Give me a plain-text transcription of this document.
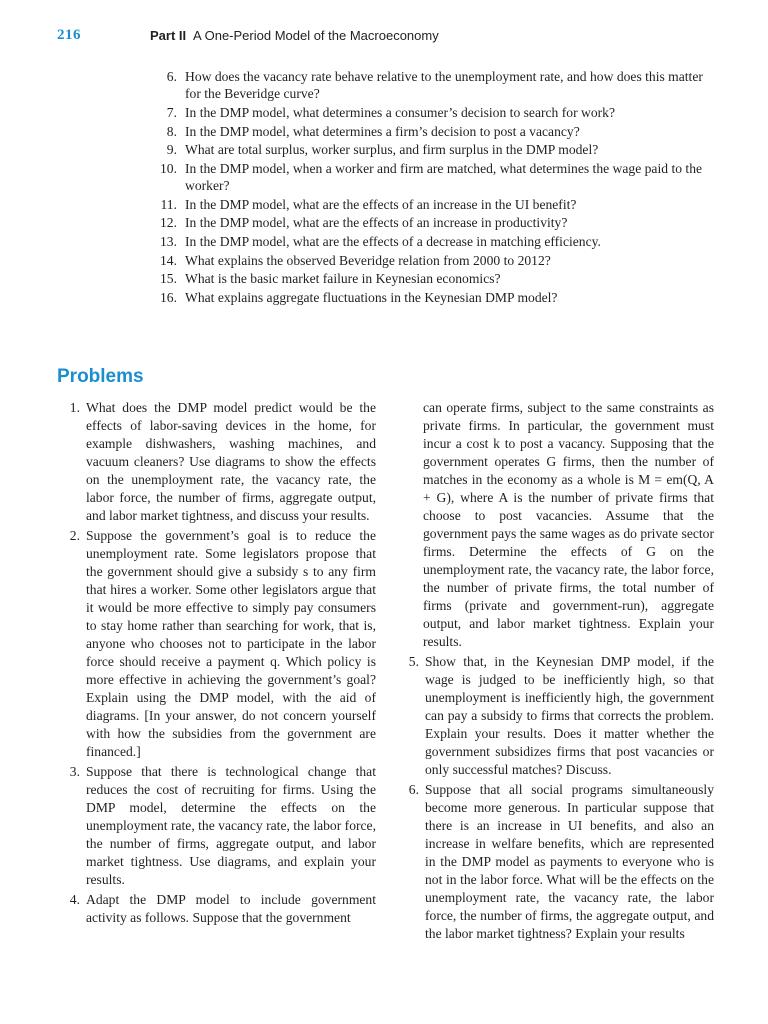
216	Part II A One-Period Model of the Macroeconomy
6 . How does the vacancy rate behave relative to the unemployment rate, and how does this matter for the Beveridge curve?
7 . In the DMP model, what determines a consumer’s decision to search for work?
8 . In the DMP model, what determines a firm’s decision to post a vacancy?
9 . What are total surplus, worker surplus, and firm surplus in the DMP model?
10 . In the DMP model, when a worker and firm are matched, what determines the wage paid to the worker?
11 . In the DMP model, what are the effects of an increase in the UI benefit?
12 . In the DMP model, what are the effects of an increase in productivity?
13 . In the DMP model, what are the effects of a decrease in matching efficiency.
14 . What explains the observed Beveridge relation from 2000 to 2012?
15 . What is the basic market failure in Keynesian economics?
16 . What explains aggregate fluctuations in the Keynesian DMP model?
Problems
1 . What does the DMP model predict would be the effects of labor-saving devices in the home, for example dishwashers, washing machines, and vacuum cleaners? Use diagrams to show the effects on the unemployment rate, the vacancy rate, the labor force, the number of firms, aggregate output, and labor market tightness, and discuss your results.
2 . Suppose the government’s goal is to reduce the unemployment rate. Some legislators propose that the government should give a subsidy s to any firm that hires a worker. Some other legislators argue that it would be more effective to simply pay consumers to stay home rather than searching for work, that is, anyone who chooses not to participate in the labor force should receive a payment q. Which policy is more effective in achieving the government’s goal? Explain using the DMP model, with the aid of diagrams. [In your answer, do not concern yourself with how the subsidies from the government are financed.]
3 . Suppose that there is technological change that reduces the cost of recruiting for firms. Using the DMP model, determine the effects on the unemployment rate, the vacancy rate, the labor force, the number of firms, aggregate output, and labor market tightness. Use diagrams, and explain your results.
4 . Adapt the DMP model to include government activity as follows. Suppose that the government
can operate firms, subject to the same constraints as private firms. In particular, the government must incur a cost k to post a vacancy. Supposing that the government operates G firms, then the number of matches in the economy as a whole is M = em(Q, A + G), where A is the number of private firms that choose to post vacancies. Assume that the government pays the same wages as do private sector firms. Determine the effects of G on the unemployment rate, the vacancy rate, the labor force, the number of private firms, the total number of firms (private and government-run), aggregate output, and labor market tightness. Explain your results.
5 . Show that, in the Keynesian DMP model, if the wage is judged to be inefficiently high, so that unemployment is inefficiently high, the government can pay a subsidy to firms that corrects the problem. Explain your results. Does it matter whether the government subsidizes firms that post vacancies or only successful matches? Discuss.
6 . Suppose that all social programs simultaneously become more generous. In particular suppose that there is an increase in UI benefits, and also an increase in welfare benefits, which are represented in the DMP model as payments to everyone who is not in the labor force. What will be the effects on the unemployment rate, the vacancy rate, the labor force, the number of firms, the aggregate output, and the labor market tightness? Explain your results
